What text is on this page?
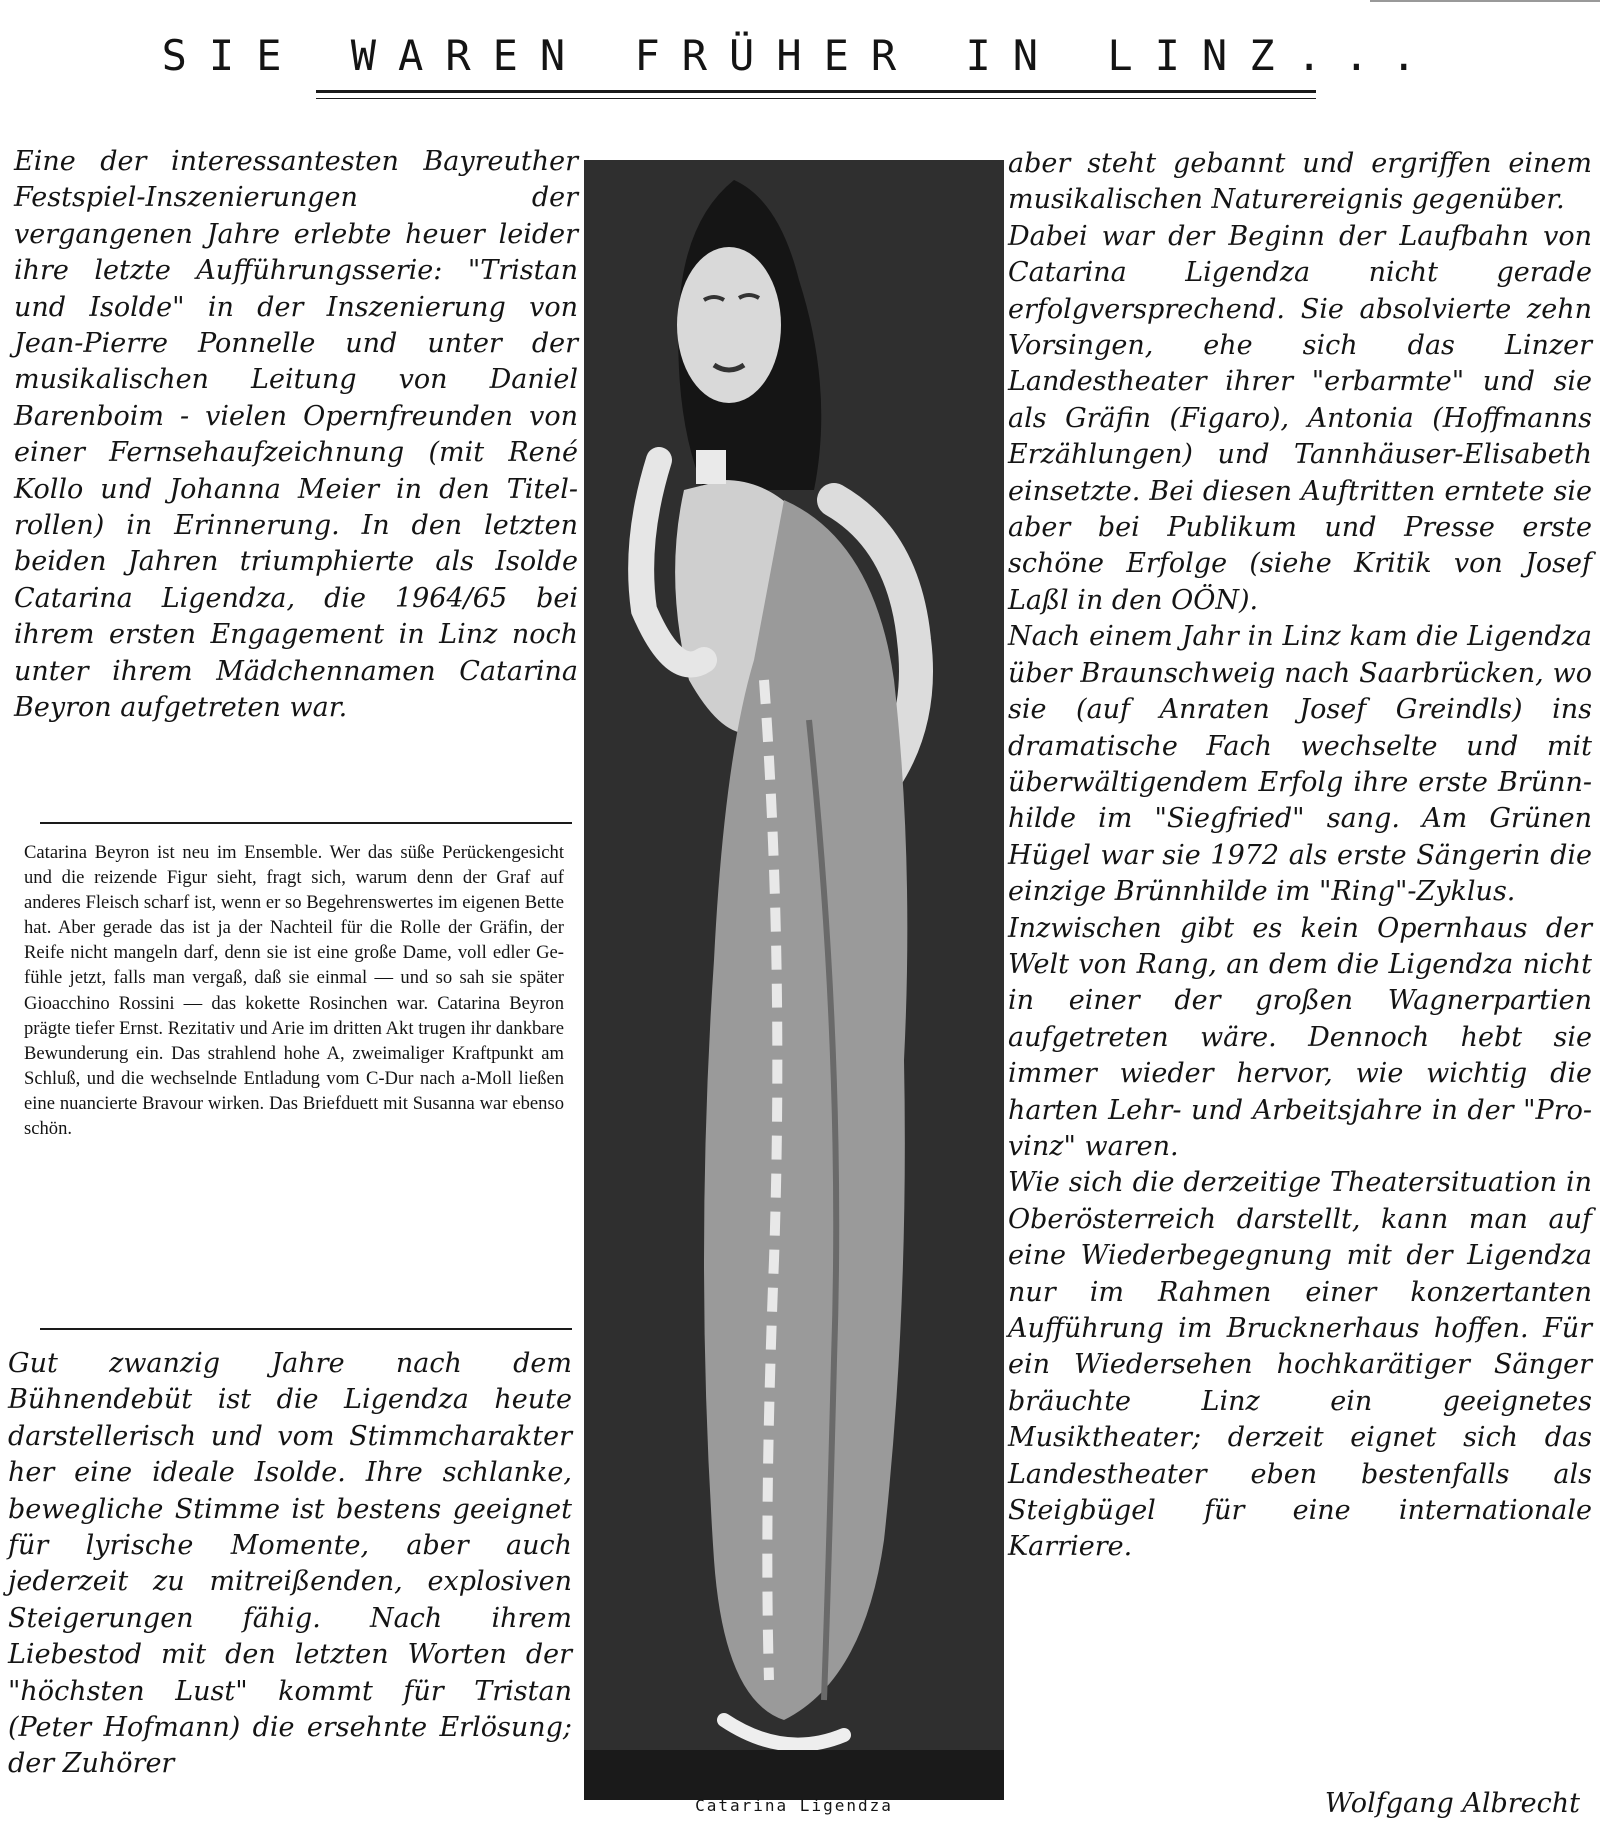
SIE WAREN FRÜHER IN LINZ...

Eine der interessantesten Bayreuther Festspiel-Inszenierungen der vergangenen Jahre erlebte heuer leider ihre letzte Aufführungsserie: "Tristan und Isolde" in der Inszenierung von Jean-Pierre Ponnelle und unter der musikalischen Leitung von Daniel Barenboim - vielen Opernfreunden von einer Fernsehaufzeichnung (mit René Kollo und Johanna Meier in den Titelrollen) in Erinnerung. In den letzten beiden Jahren triumphierte als Isolde Catarina Ligendza, die 1964/65 bei ihrem ersten Engagement in Linz noch unter ihrem Mädchennamen Catarina Beyron aufgetreten war.

Catarina Beyron ist neu im Ensemble. Wer das süße Perückengesicht und die reizende Figur sieht, fragt sich, warum denn der Graf auf anderes Fleisch scharf ist, wenn er so Begehrenswertes im eigenen Bette hat. Aber gerade das ist ja der Nachteil für die Rolle der Gräfin, der Reife nicht mangeln darf, denn sie ist eine große Dame, voll edler Gefühle jetzt, falls man vergaß, daß sie einmal — und so sah sie später Gioacchino Rossini — das kokette Rosinchen war. Catarina Beyron prägte tiefer Ernst. Rezitativ und Arie im dritten Akt trugen ihr dankbare Bewunderung ein. Das strahlend hohe A, zweimaliger Kraftpunkt am Schluß, und die wechselnde Entladung vom C-Dur nach a-Moll ließen eine nuancierte Bravour wirken. Das Briefduett mit Susanna war ebenso schön.

Gut zwanzig Jahre nach dem Bühnendebüt ist die Ligendza heute darstellerisch und vom Stimmcharakter her eine ideale Isolde. Ihre schlanke, bewegliche Stimme ist bestens geeignet für lyrische Momente, aber auch jederzeit zu mitreißenden, explosiven Steigerungen fähig. Nach ihrem Liebestod mit den letzten Worten der "höchsten Lust" kommt für Tristan (Peter Hofmann) die ersehnte Erlösung; der Zuhörer

Catarina Ligendza

aber steht gebannt und ergriffen einem musikalischen Naturereignis gegenüber.

Dabei war der Beginn der Laufbahn von Catarina Ligendza nicht gerade erfolgversprechend. Sie absolvierte zehn Vorsingen, ehe sich das Linzer Landestheater ihrer "erbarmte" und sie als Gräfin (Figaro), Antonia (Hoffmanns Erzählungen) und Tannhäuser-Elisabeth einsetzte. Bei diesen Auftritten erntete sie aber bei Publikum und Presse erste schöne Erfolge (siehe Kritik von Josef Laßl in den OÖN).

Nach einem Jahr in Linz kam die Ligendza über Braunschweig nach Saarbrücken, wo sie (auf Anraten Josef Greindls) ins dramatische Fach wechselte und mit überwältigendem Erfolg ihre erste Brünnhilde im "Siegfried" sang. Am Grünen Hügel war sie 1972 als erste Sängerin die einzige Brünnhilde im "Ring"-Zyklus.

Inzwischen gibt es kein Opernhaus der Welt von Rang, an dem die Ligendza nicht in einer der großen Wagnerpartien aufgetreten wäre. Dennoch hebt sie immer wieder hervor, wie wichtig die harten Lehr- und Arbeitsjahre in der "Provinz" waren.

Wie sich die derzeitige Theatersituation in Oberösterreich darstellt, kann man auf eine Wiederbegegnung mit der Ligendza nur im Rahmen einer konzertanten Aufführung im Brucknerhaus hoffen. Für ein Wiedersehen hochkarätiger Sänger bräuchte Linz ein geeignetes Musiktheater; derzeit eignet sich das Landestheater eben bestenfalls als Steigbügel für eine internationale Karriere.

Wolfgang Albrecht
